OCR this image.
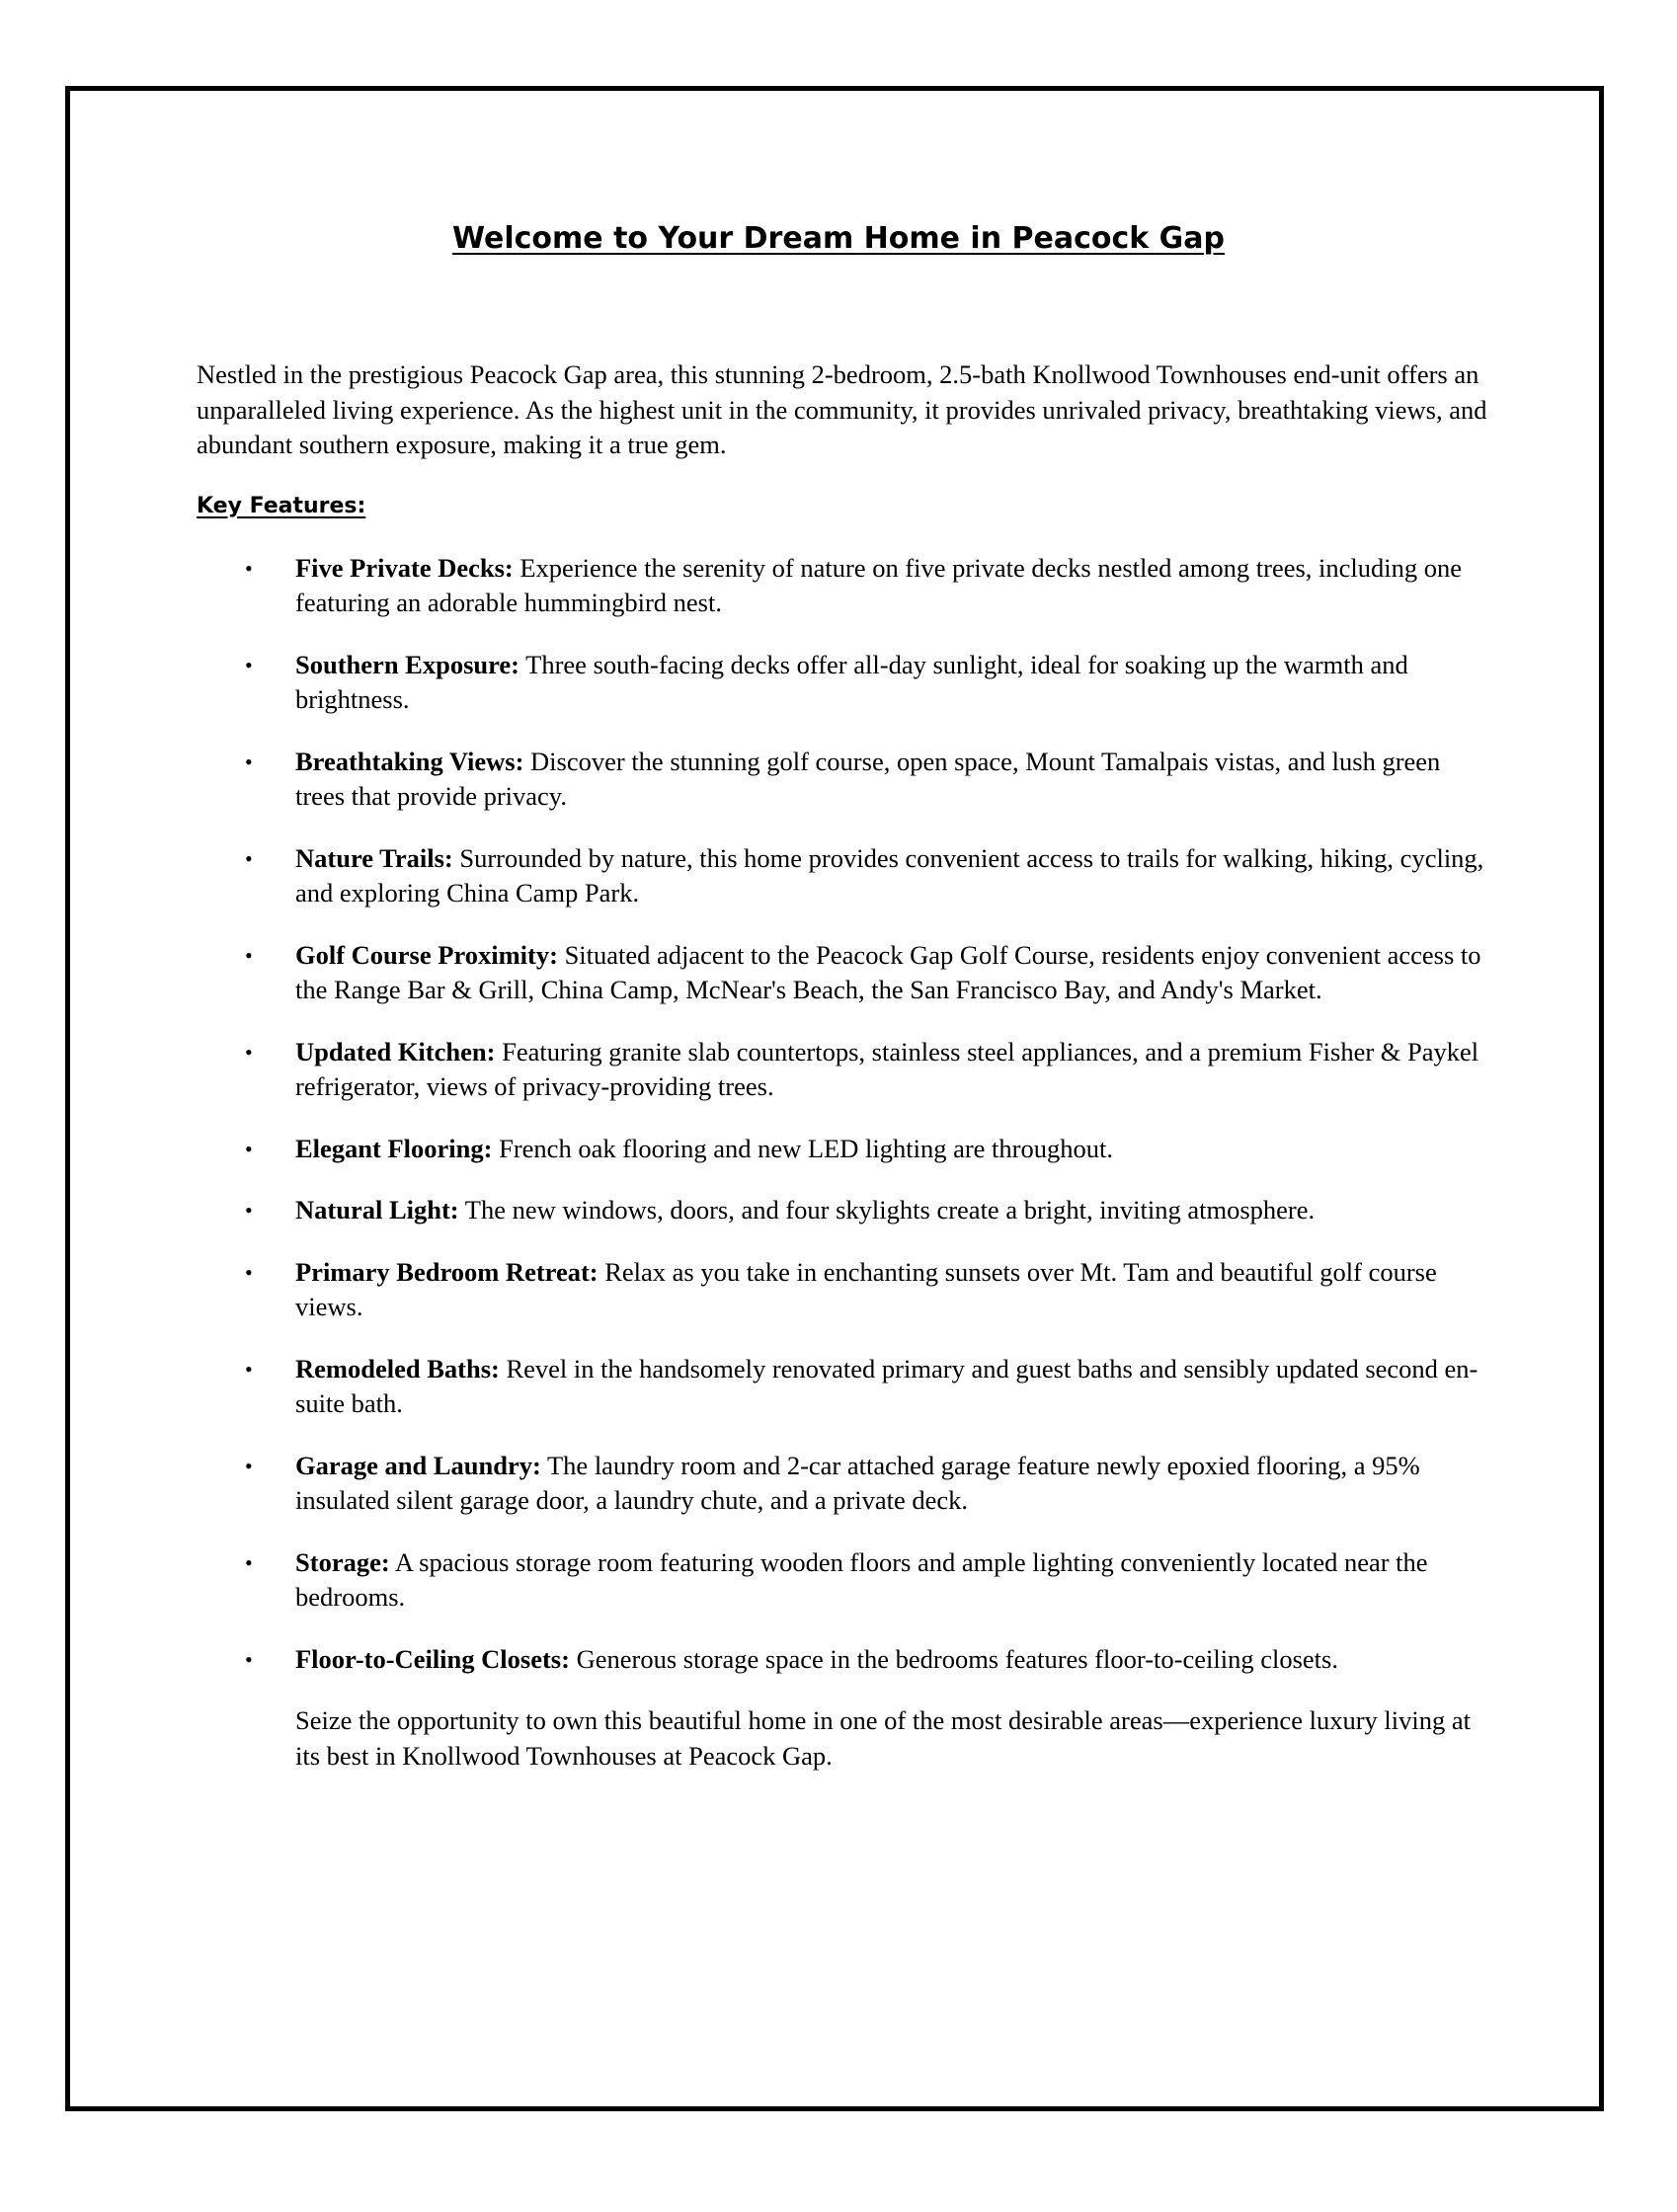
Welcome to Your Dream Home in Peacock Gap

Nestled in the prestigious Peacock Gap area, this stunning 2-bedroom, 2.5-bath Knollwood Townhouses end-unit offers an unparalleled living experience. As the highest unit in the community, it provides unrivaled privacy, breathtaking views, and abundant southern exposure, making it a true gem.

Key Features:

• Five Private Decks: Experience the serenity of nature on five private decks nestled among trees, including one featuring an adorable hummingbird nest.
• Southern Exposure: Three south-facing decks offer all-day sunlight, ideal for soaking up the warmth and brightness.
• Breathtaking Views: Discover the stunning golf course, open space, Mount Tamalpais vistas, and lush green trees that provide privacy.
• Nature Trails: Surrounded by nature, this home provides convenient access to trails for walking, hiking, cycling, and exploring China Camp Park.
• Golf Course Proximity: Situated adjacent to the Peacock Gap Golf Course, residents enjoy convenient access to the Range Bar & Grill, China Camp, McNear's Beach, the San Francisco Bay, and Andy's Market.
• Updated Kitchen: Featuring granite slab countertops, stainless steel appliances, and a premium Fisher & Paykel refrigerator, views of privacy-providing trees.
• Elegant Flooring: French oak flooring and new LED lighting are throughout.
• Natural Light: The new windows, doors, and four skylights create a bright, inviting atmosphere.
• Primary Bedroom Retreat: Relax as you take in enchanting sunsets over Mt. Tam and beautiful golf course views.
• Remodeled Baths: Revel in the handsomely renovated primary and guest baths and sensibly updated second en-suite bath.
• Garage and Laundry: The laundry room and 2-car attached garage feature newly epoxied flooring, a 95% insulated silent garage door, a laundry chute, and a private deck.
• Storage: A spacious storage room featuring wooden floors and ample lighting conveniently located near the bedrooms.
• Floor-to-Ceiling Closets: Generous storage space in the bedrooms features floor-to-ceiling closets.

Seize the opportunity to own this beautiful home in one of the most desirable areas—experience luxury living at its best in Knollwood Townhouses at Peacock Gap.
